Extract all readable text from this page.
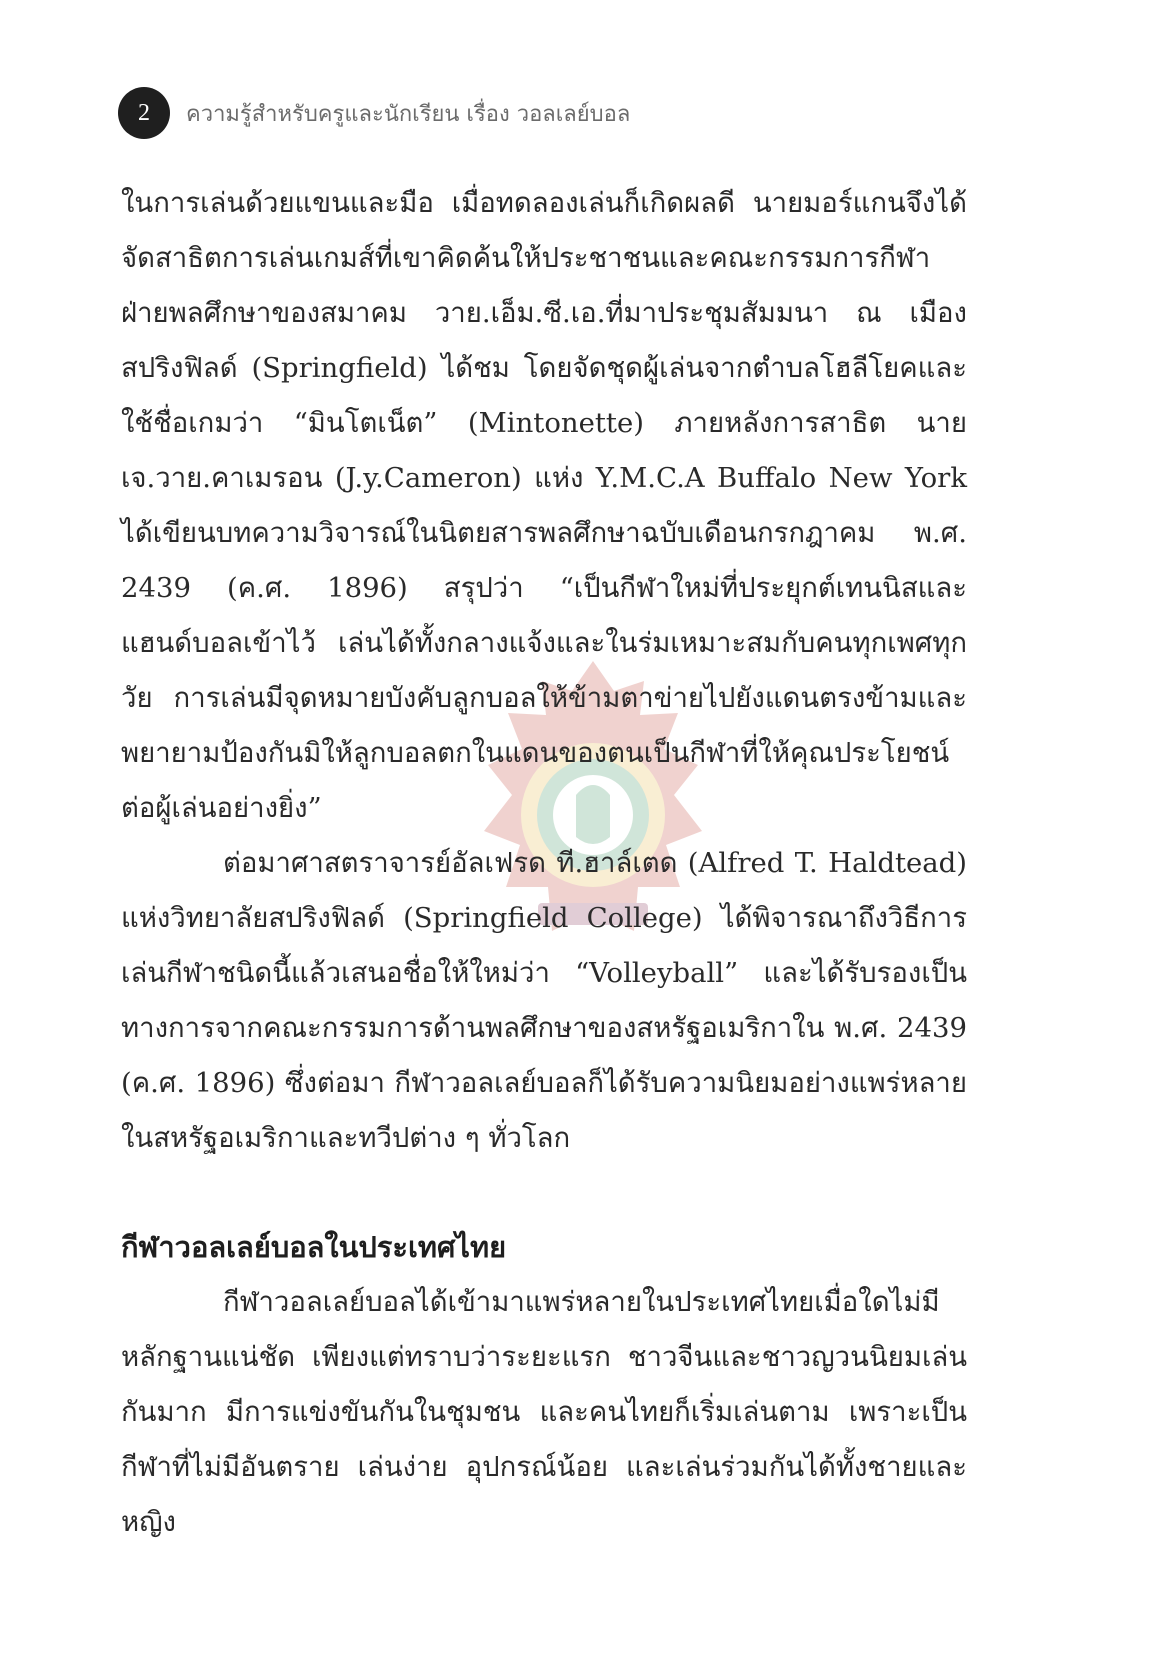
2	ความรู้สำหรับครูและนักเรียน เรื่อง วอลเลย์บอล

ในการเล่นด้วยแขนและมือ เมื่อทดลองเล่นก็เกิดผลดี นายมอร์แกนจึงได้จัดสาธิตการเล่นเกมส์ที่เขาคิดค้นให้ประชาชนและคณะกรรมการกีฬาฝ่ายพลศึกษาของสมาคม วาย.เอ็ม.ซี.เอ.ที่มาประชุมสัมมนา ณ เมืองสปริงฟิลด์ (Springfield) ได้ชม โดยจัดชุดผู้เล่นจากตำบลโฮลีโยคและใช้ชื่อเกมว่า “มินโตเน็ต” (Mintonette) ภายหลังการสาธิต นายเจ.วาย.คาเมรอน (J.y.Cameron) แห่ง Y.M.C.A Buffalo New York ได้เขียนบทความวิจารณ์ในนิตยสารพลศึกษาฉบับเดือนกรกฎาคม พ.ศ. 2439 (ค.ศ. 1896) สรุปว่า “เป็นกีฬาใหม่ที่ประยุกต์เทนนิสและแฮนด์บอลเข้าไว้ เล่นได้ทั้งกลางแจ้งและในร่มเหมาะสมกับคนทุกเพศทุกวัย การเล่นมีจุดหมายบังคับลูกบอลให้ข้ามตาข่ายไปยังแดนตรงข้ามและพยายามป้องกันมิให้ลูกบอลตกในแดนของตนเป็นกีฬาที่ให้คุณประโยชน์ต่อผู้เล่นอย่างยิ่ง”

ต่อมาศาสตราจารย์อัลเฟรด ที.ฮาล์เตด (Alfred T. Haldtead) แห่งวิทยาลัยสปริงฟิลด์ (Springfield College) ได้พิจารณาถึงวิธีการเล่นกีฬาชนิดนี้แล้วเสนอชื่อให้ใหม่ว่า “Volleyball” และได้รับรองเป็นทางการจากคณะกรรมการด้านพลศึกษาของสหรัฐอเมริกาใน พ.ศ. 2439 (ค.ศ. 1896) ซึ่งต่อมา กีฬาวอลเลย์บอลก็ได้รับความนิยมอย่างแพร่หลายในสหรัฐอเมริกาและทวีปต่าง ๆ ทั่วโลก

กีฬาวอลเลย์บอลในประเทศไทย

กีฬาวอลเลย์บอลได้เข้ามาแพร่หลายในประเทศไทยเมื่อใดไม่มีหลักฐานแน่ชัด เพียงแต่ทราบว่าระยะแรก ชาวจีนและชาวญวนนิยมเล่นกันมาก มีการแข่งขันกันในชุมชน และคนไทยก็เริ่มเล่นตาม เพราะเป็นกีฬาที่ไม่มีอันตราย เล่นง่าย อุปกรณ์น้อย และเล่นร่วมกันได้ทั้งชายและหญิง
